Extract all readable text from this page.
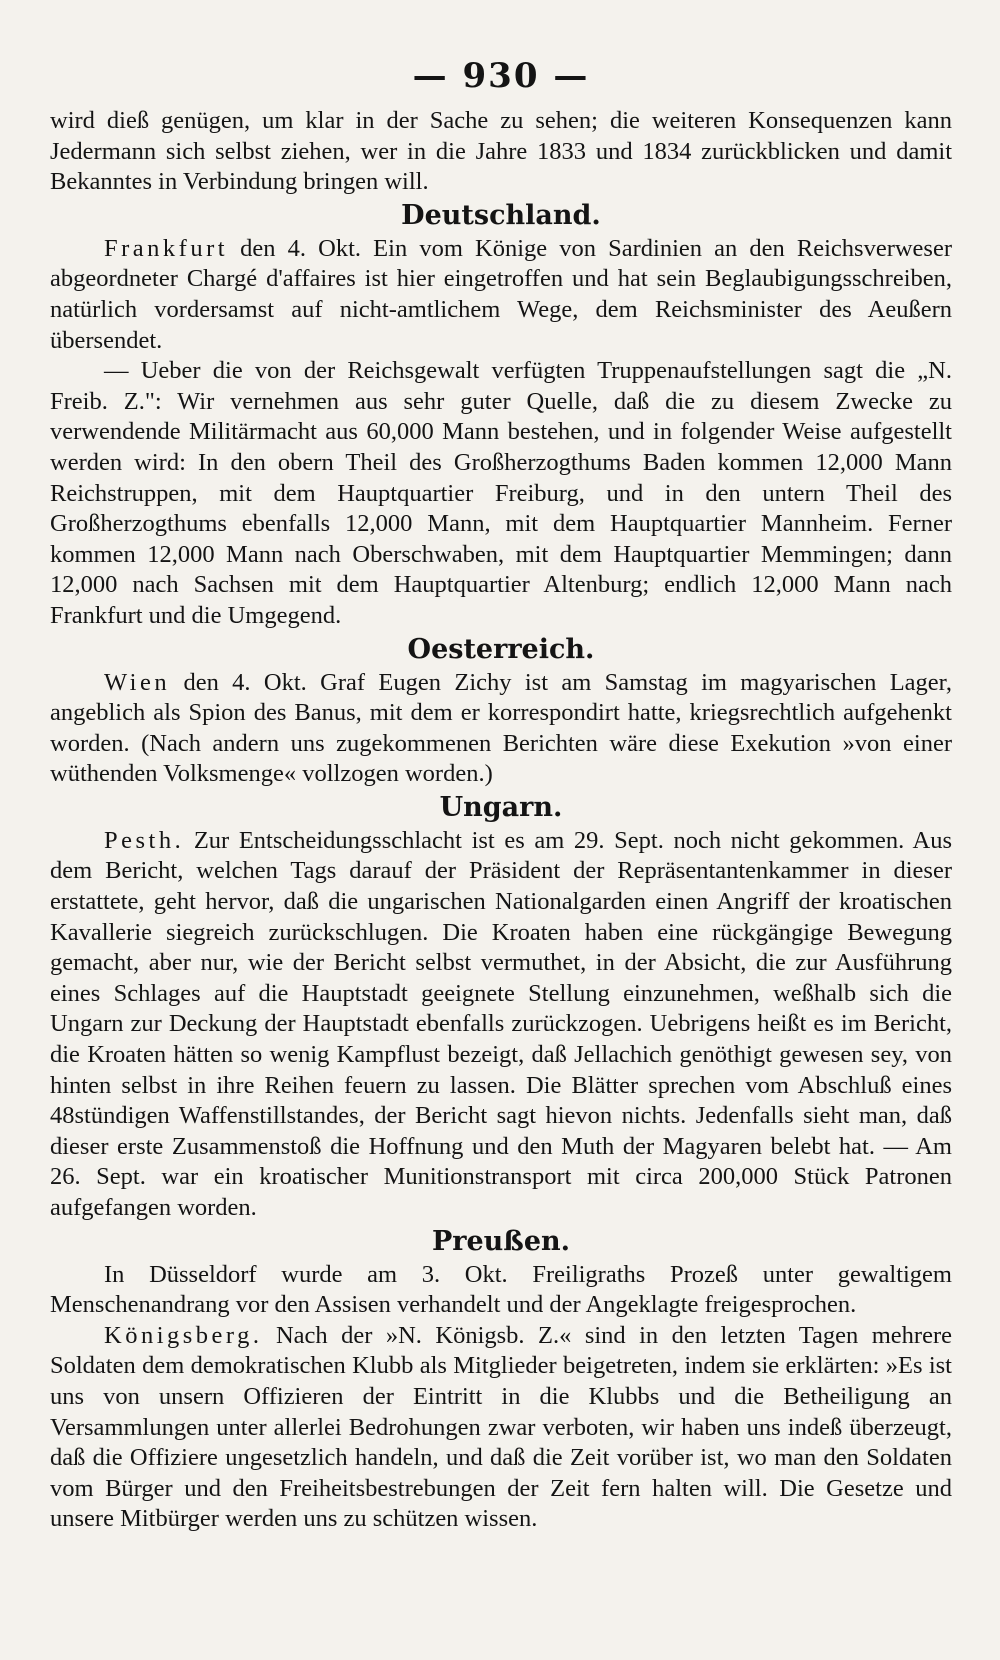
— 930 —

wird dieß genügen, um klar in der Sache zu sehen; die weiteren Konsequenzen kann Jedermann sich selbst ziehen, wer in die Jahre 1833 und 1834 zurückblicken und damit Bekanntes in Verbindung bringen will.

Deutschland.

Frankfurt den 4. Okt. Ein vom Könige von Sardinien an den Reichsverweser abgeordneter Chargé d'affaires ist hier eingetroffen und hat sein Beglaubigungsschreiben, natürlich vordersamst auf nicht-amtlichem Wege, dem Reichsminister des Aeußern übersendet.

— Ueber die von der Reichsgewalt verfügten Truppenaufstellungen sagt die „N. Freib. Z.": Wir vernehmen aus sehr guter Quelle, daß die zu diesem Zwecke zu verwendende Militärmacht aus 60,000 Mann bestehen, und in folgender Weise aufgestellt werden wird: In den obern Theil des Großherzogthums Baden kommen 12,000 Mann Reichstruppen, mit dem Hauptquartier Freiburg, und in den untern Theil des Großherzogthums ebenfalls 12,000 Mann, mit dem Hauptquartier Mannheim. Ferner kommen 12,000 Mann nach Oberschwaben, mit dem Hauptquartier Memmingen; dann 12,000 nach Sachsen mit dem Hauptquartier Altenburg; endlich 12,000 Mann nach Frankfurt und die Umgegend.

Oesterreich.

Wien den 4. Okt. Graf Eugen Zichy ist am Samstag im magyarischen Lager, angeblich als Spion des Banus, mit dem er korrespondirt hatte, kriegsrechtlich aufgehenkt worden. (Nach andern uns zugekommenen Berichten wäre diese Exekution »von einer wüthenden Volksmenge« vollzogen worden.)

Ungarn.

Pesth. Zur Entscheidungsschlacht ist es am 29. Sept. noch nicht gekommen. Aus dem Bericht, welchen Tags darauf der Präsident der Repräsentantenkammer in dieser erstattete, geht hervor, daß die ungarischen Nationalgarden einen Angriff der kroatischen Kavallerie siegreich zurückschlugen. Die Kroaten haben eine rückgängige Bewegung gemacht, aber nur, wie der Bericht selbst vermuthet, in der Absicht, die zur Ausführung eines Schlages auf die Hauptstadt geeignete Stellung einzunehmen, weßhalb sich die Ungarn zur Deckung der Hauptstadt ebenfalls zurückzogen. Uebrigens heißt es im Bericht, die Kroaten hätten so wenig Kampflust bezeigt, daß Jellachich genöthigt gewesen sey, von hinten selbst in ihre Reihen feuern zu lassen. Die Blätter sprechen vom Abschluß eines 48stündigen Waffenstillstandes, der Bericht sagt hievon nichts. Jedenfalls sieht man, daß dieser erste Zusammenstoß die Hoffnung und den Muth der Magyaren belebt hat. — Am 26. Sept. war ein kroatischer Munitionstransport mit circa 200,000 Stück Patronen aufgefangen worden.

Preußen.

In Düsseldorf wurde am 3. Okt. Freiligraths Prozeß unter gewaltigem Menschenandrang vor den Assisen verhandelt und der Angeklagte freigesprochen.

Königsberg. Nach der »N. Königsb. Z.« sind in den letzten Tagen mehrere Soldaten dem demokratischen Klubb als Mitglieder beigetreten, indem sie erklärten: »Es ist uns von unsern Offizieren der Eintritt in die Klubbs und die Betheiligung an Versammlungen unter allerlei Bedrohungen zwar verboten, wir haben uns indeß überzeugt, daß die Offiziere ungesetzlich handeln, und daß die Zeit vorüber ist, wo man den Soldaten vom Bürger und den Freiheitsbestrebungen der Zeit fern halten will. Die Gesetze und unsere Mitbürger werden uns zu schützen wissen.
